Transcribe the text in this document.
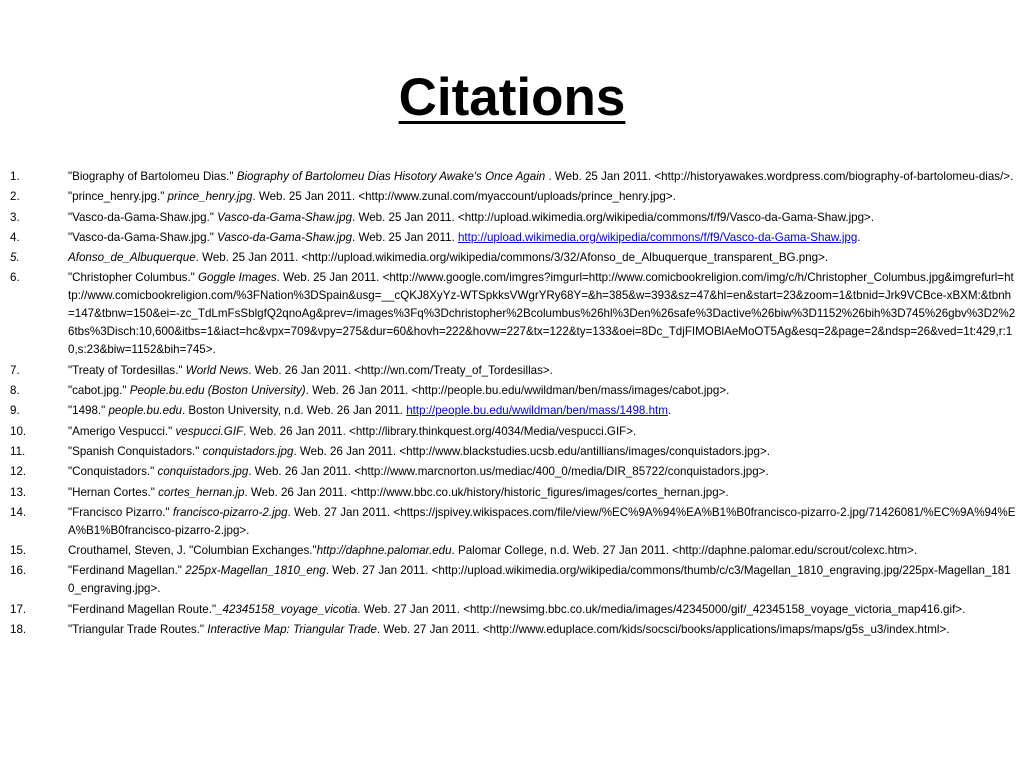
Citations
1.	"Biography of Bartolomeu Dias." Biography of Bartolomeu Dias Hisotory Awake's Once Again . Web. 25 Jan 2011. <http://historyawakes.wordpress.com/biography-of-bartolomeu-dias/>.
2.	"prince_henry.jpg." prince_henry.jpg. Web. 25 Jan 2011. <http://www.zunal.com/myaccount/uploads/prince_henry.jpg>.
3.	"Vasco-da-Gama-Shaw.jpg." Vasco-da-Gama-Shaw.jpg. Web. 25 Jan 2011. <http://upload.wikimedia.org/wikipedia/commons/f/f9/Vasco-da-Gama-Shaw.jpg>.
4.	"Vasco-da-Gama-Shaw.jpg." Vasco-da-Gama-Shaw.jpg. Web. 25 Jan 2011. http://upload.wikimedia.org/wikipedia/commons/f/f9/Vasco-da-Gama-Shaw.jpg.
5.	Afonso_de_Albuquerque. Web. 25 Jan 2011. <http://upload.wikimedia.org/wikipedia/commons/3/32/Afonso_de_Albuquerque_transparent_BG.png>.
6.	"Christopher Columbus." Goggle Images. Web. 25 Jan 2011. <http://www.google.com/imgres?imgurl=http://www.comicbookreligion.com/img/c/h/Christopher_Columbus.jpg&imgrefurl=http://www.comicbookreligion.com/%3FNation%3DSpain&usg=__cQKJ8XyYz-WTSpkksVWgrYRy68Y=&h=385&w=393&sz=47&hl=en&start=23&zoom=1&tbnid=Jrk9VCBce-xBXM:&tbnh=147&tbnw=150&ei=-zc_TdLmFsSblgfQ2qnoAg&prev=/images%3Fq%3Dchristopher%2Bcolumbus%26hl%3Den%26safe%3Dactive%26biw%3D1152%26bih%3D745%26gbv%3D2%26tbs%3Disch:10,600&itbs=1&iact=hc&vpx=709&vpy=275&dur=60&hovh=222&hovw=227&tx=122&ty=133&oei=8Dc_TdjFIMOBlAeMoOT5Ag&esq=2&page=2&ndsp=26&ved=1t:429,r:10,s:23&biw=1152&bih=745>.
7.	"Treaty of Tordesillas." World News. Web. 26 Jan 2011. <http://wn.com/Treaty_of_Tordesillas>.
8.	"cabot.jpg." People.bu.edu (Boston University). Web. 26 Jan 2011. <http://people.bu.edu/wwildman/ben/mass/images/cabot.jpg>.
9.	"1498." people.bu.edu. Boston University, n.d. Web. 26 Jan 2011. http://people.bu.edu/wwildman/ben/mass/1498.htm.
10.	"Amerigo Vespucci." vespucci.GIF. Web. 26 Jan 2011. <http://library.thinkquest.org/4034/Media/vespucci.GIF>.
11.	"Spanish Conquistadors." conquistadors.jpg. Web. 26 Jan 2011. <http://www.blackstudies.ucsb.edu/antillians/images/conquistadors.jpg>.
12.	"Conquistadors." conquistadors.jpg. Web. 26 Jan 2011. <http://www.marcnorton.us/mediac/400_0/media/DIR_85722/conquistadors.jpg>.
13.	"Hernan Cortes." cortes_hernan.jp. Web. 26 Jan 2011. <http://www.bbc.co.uk/history/historic_figures/images/cortes_hernan.jpg>.
14.	"Francisco Pizarro." francisco-pizarro-2.jpg. Web. 27 Jan 2011. <https://jspivey.wikispaces.com/file/view/%EC%9A%94%EA%B1%B0francisco-pizarro-2.jpg/71426081/%EC%9A%94%EA%B1%B0francisco-pizarro-2.jpg>.
15.	Crouthamel, Steven, J. "Columbian Exchanges."http://daphne.palomar.edu. Palomar College, n.d. Web. 27 Jan 2011. <http://daphne.palomar.edu/scrout/colexc.htm>.
16.	"Ferdinand Magellan." 225px-Magellan_1810_eng. Web. 27 Jan 2011. <http://upload.wikimedia.org/wikipedia/commons/thumb/c/c3/Magellan_1810_engraving.jpg/225px-Magellan_1810_engraving.jpg>.
17.	"Ferdinand Magellan Route."_42345158_voyage_vicotia. Web. 27 Jan 2011. <http://newsimg.bbc.co.uk/media/images/42345000/gif/_42345158_voyage_victoria_map416.gif>.
18.	"Triangular Trade Routes." Interactive Map: Triangular Trade. Web. 27 Jan 2011. <http://www.eduplace.com/kids/socsci/books/applications/imaps/maps/g5s_u3/index.html>.
